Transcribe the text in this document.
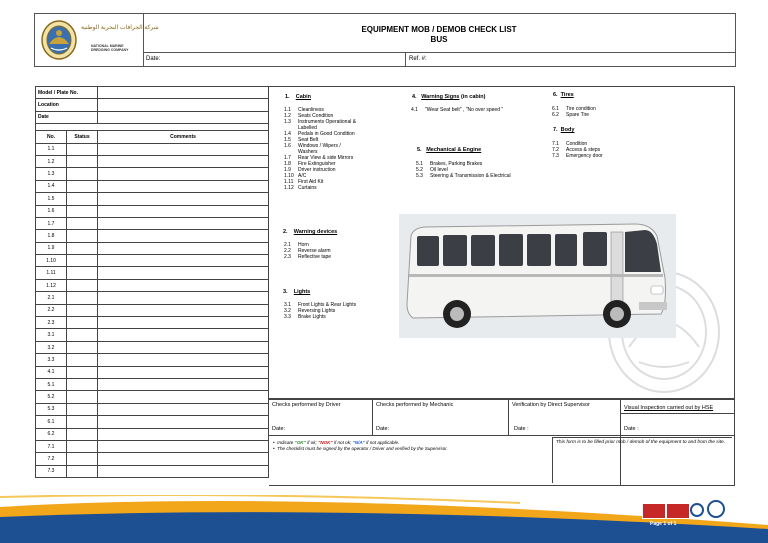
شركة الجرافات البحرية الوطنية
NATIONAL MARINE
DREDGING COMPANY
EQUIPMENT MOB / DEMOB CHECK LIST
BUS
Date:	Ref. #:
Model / Plate No.		
Location		
Date		

No.	Status	Comments
1.1		
1.2		
1.3		
1.4		
1.5		
1.6		
1.7		
1.8		
1.9		
1.10		
1.11		
1.12		
2.1		
2.2		
2.3		
3.1		
3.2		
3.3		
4.1		
5.1		
5.2		
5.3		
6.1		
6.2		
7.1		
7.2		
7.3		
1. Cabin
1.1 Cleanliness
1.2 Seats Condition
1.3 Instruments Operational &
Labelled
1.4 Pedals in Good Condition
1.5 Seat Belt
1.6 Windows / Wipers /
Washers
1.7 Rear View & side Mirrors
1.8 Fire Extinguisher
1.9 Driver instruction
1.10 A/C
1.11 First Aid Kit
1.12 Curtains
2. Warning devices
2.1 Horn
2.2 Reverse alarm
2.3 Reflective tape
3. Lights
3.1 Front Lights & Rear Lights
3.2 Reversing Lights
3.3 Brake Lights
4. Warning Signs (in cabin)
4.1 "Wear Seat belt" , "No over speed "
5. Mechanical & Engine
5.1 Brakes, Parking Brakes
5.2 Oil level
5.3 Steering & Transmission & Electrical
6. Tires
6.1 Tire condition
6.2 Spare Tire
7. Body
7.1 Condition
7.2 Access & steps
7.3 Emergency door
Checks performed by Driver
Date:
Checks performed by Mechanic
Date:
Verification by Direct Supervisor
Date :
Visual Inspection carried out by HSE
Date :
•  Indicate "OK" if ok; "NOK" if not ok; "N/A" if not applicable.
•  The checklist must be signed by the operator / Driver and verified by the Supervisor.
This form is to be filled prior mob / demob of the equipment to and from the site.
Page 1 of 1
